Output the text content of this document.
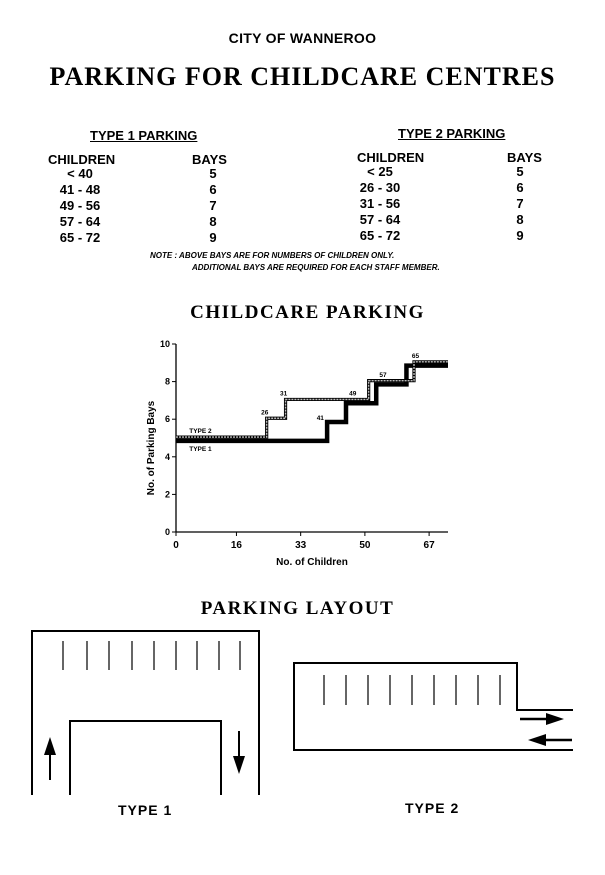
CITY OF WANNEROO
PARKING FOR CHILDCARE CENTRES
TYPE 1 PARKING
CHILDREN	BAYS
< 40	5
41 - 48	6
49 - 56	7
57 - 64	8
65 - 72	9
TYPE 2 PARKING
CHILDREN	BAYS
< 25	5
26 - 30	6
31 - 56	7
57 - 64	8
65 - 72	9
NOTE : ABOVE BAYS ARE FOR NUMBERS OF CHILDREN ONLY.
ADDITIONAL BAYS ARE REQUIRED FOR EACH STAFF MEMBER.
CHILDCARE PARKING
0
2
4
6
8
10
0	16	33	50	67
No. of Children
No. of Parking Bays	TYPE 2
TYPE 1
26
31
41
49
57
65
PARKING LAYOUT
TYPE 1	TYPE 2
